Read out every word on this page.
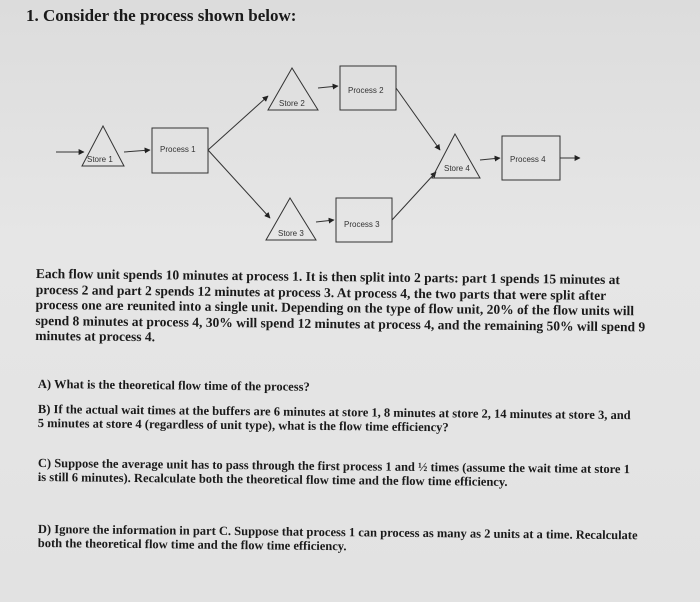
1. Consider the process shown below:
Store 1
Process 1
Store 2
Process 2
Store 3
Process 3
Store 4
Process 4
Each flow unit spends 10 minutes at process 1. It is then split into 2 parts: part 1 spends 15 minutes at process 2 and part 2 spends 12 minutes at process 3. At process 4, the two parts that were split after process one are reunited into a single unit. Depending on the type of flow unit, 20% of the flow units will spend 8 minutes at process 4, 30% will spend 12 minutes at process 4, and the remaining 50% will spend 9 minutes at process 4.
A) What is the theoretical flow time of the process?
B) If the actual wait times at the buffers are 6 minutes at store 1, 8 minutes at store 2, 14 minutes at store 3, and 5 minutes at store 4 (regardless of unit type), what is the flow time efficiency?
C) Suppose the average unit has to pass through the first process 1 and ½ times (assume the wait time at store 1 is still 6 minutes). Recalculate both the theoretical flow time and the flow time efficiency.
D) Ignore the information in part C. Suppose that process 1 can process as many as 2 units at a time. Recalculate both the theoretical flow time and the flow time efficiency.
